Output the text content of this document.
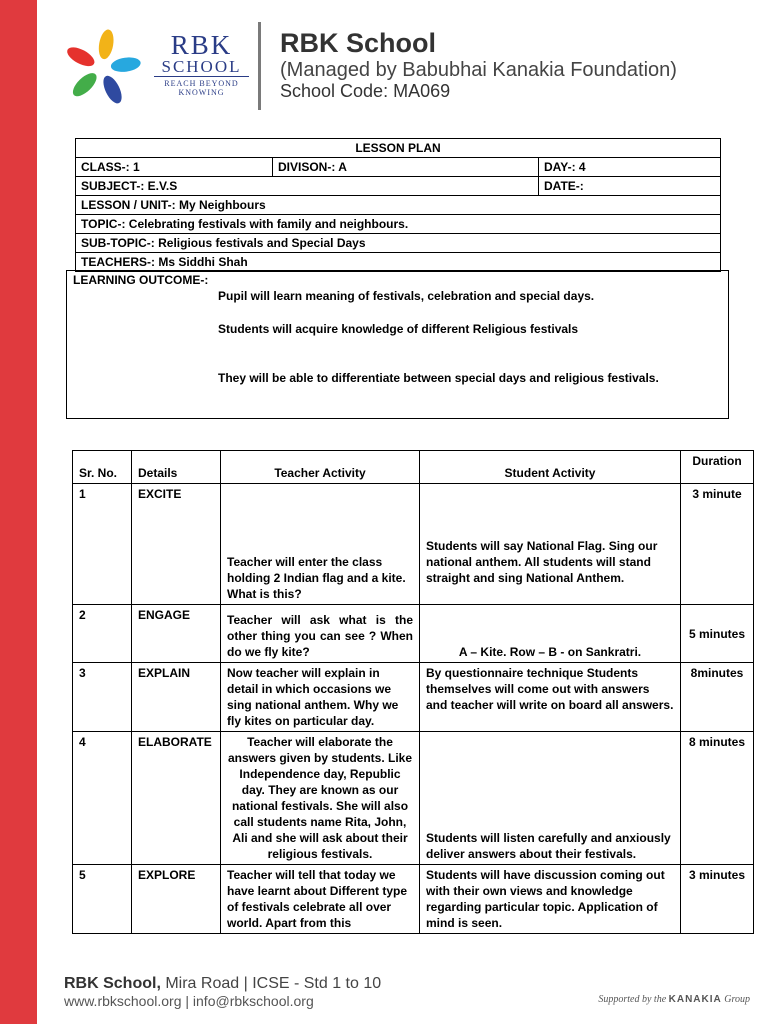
RBK
SCHOOL
REACH BEYOND
KNOWING
RBK School
(Managed by Babubhai Kanakia Foundation)
School Code: MA069
LESSON PLAN		
CLASS-: 1	DIVISON-: A	DAY-: 4
SUBJECT-: E.V.S		DATE-:
LESSON / UNIT-: My Neighbours		
TOPIC-: Celebrating festivals with family and neighbours.		
SUB-TOPIC-: Religious festivals and Special Days		
TEACHERS-: Ms Siddhi Shah		
LEARNING OUTCOME-:
Pupil will learn meaning of festivals, celebration and special days.
Students will acquire knowledge of different Religious festivals
They will be able to differentiate between special days and religious festivals.
Sr. No.	Details	Teacher Activity	Student Activity	Duration
1	EXCITE	Teacher will enter the class holding 2 Indian flag and a kite. What is this?	Students will say National Flag. Sing our national anthem. All students will stand straight and sing National Anthem.	3 minute
2	ENGAGE	Teacher will ask what is the other thing you can see ? When do we fly kite?	A – Kite. Row – B - on Sankratri.	5 minutes
3	EXPLAIN	Now teacher will explain in detail in which occasions we sing national anthem. Why we fly kites on particular day.	By questionnaire technique Students themselves will come out with answers and teacher will write on board all answers.	8minutes
4	ELABORATE	Teacher will elaborate the answers given by students. Like Independence day, Republic day. They are known as our national festivals. She will also call students name Rita, John, Ali and she will ask about their religious festivals.	Students will listen carefully and anxiously deliver answers about their festivals.	8 minutes
5	EXPLORE	Teacher will tell that today we have learnt about Different type of festivals celebrate all over world. Apart from this	Students will have discussion coming out with their own views and knowledge regarding particular topic. Application of mind is seen.	3 minutes
RBK School, Mira Road | ICSE - Std 1 to 10
www.rbkschool.org | info@rbkschool.org	Supported by the KANAKIA Group
